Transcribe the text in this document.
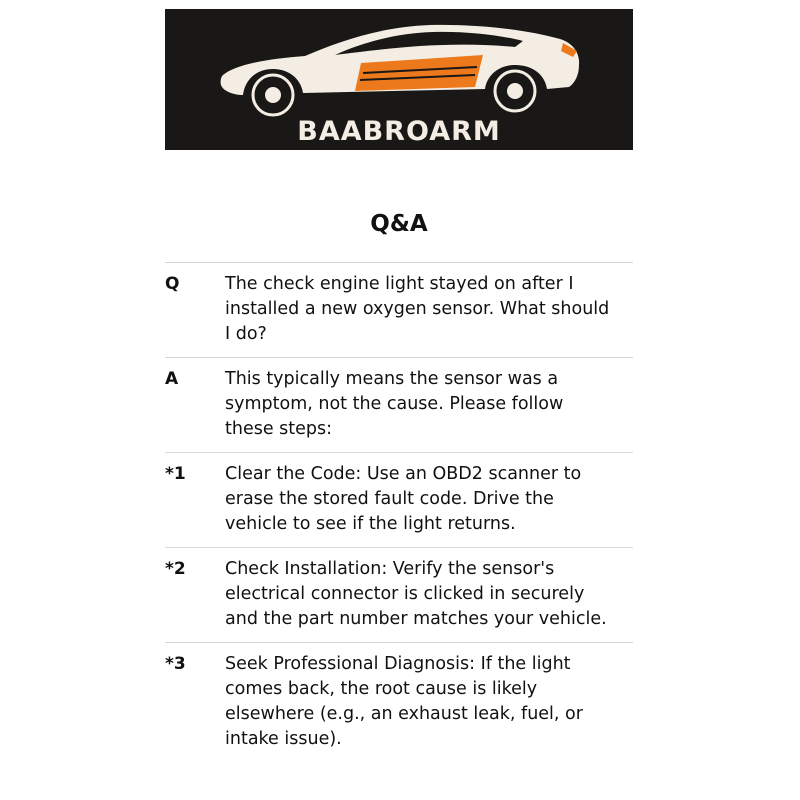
BAABROARM
Q&A
Q	The check engine light stayed on after I installed a new oxygen sensor. What should I do?
A	This typically means the sensor was a symptom, not the cause. Please follow these steps:
*1	Clear the Code: Use an OBD2 scanner to erase the stored fault code. Drive the vehicle to see if the light returns.
*2	Check Installation: Verify the sensor's electrical connector is clicked in securely and the part number matches your vehicle.
*3	Seek Professional Diagnosis: If the light comes back, the root cause is likely elsewhere (e.g., an exhaust leak, fuel, or intake issue).
